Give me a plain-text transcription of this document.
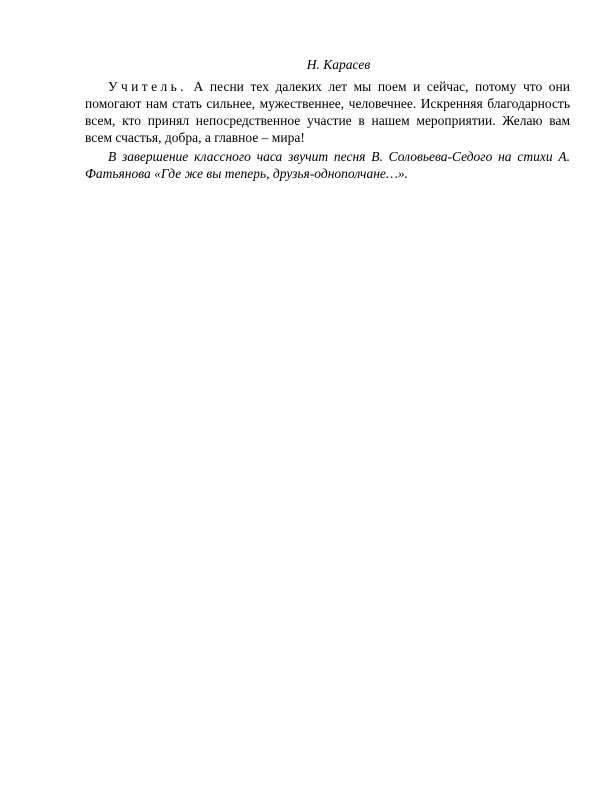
Н. Карасев

Учитель. А песни тех далеких лет мы поем и сейчас, потому что они помогают нам стать сильнее, мужественнее, человечнее. Искренняя благодарность всем, кто принял непосредственное участие в нашем мероприятии. Желаю вам всем счастья, добра, а главное – мира!

В завершение классного часа звучит песня В. Соловьева-Седого на стихи А. Фатьянова «Где же вы теперь, друзья-однополчане…».
